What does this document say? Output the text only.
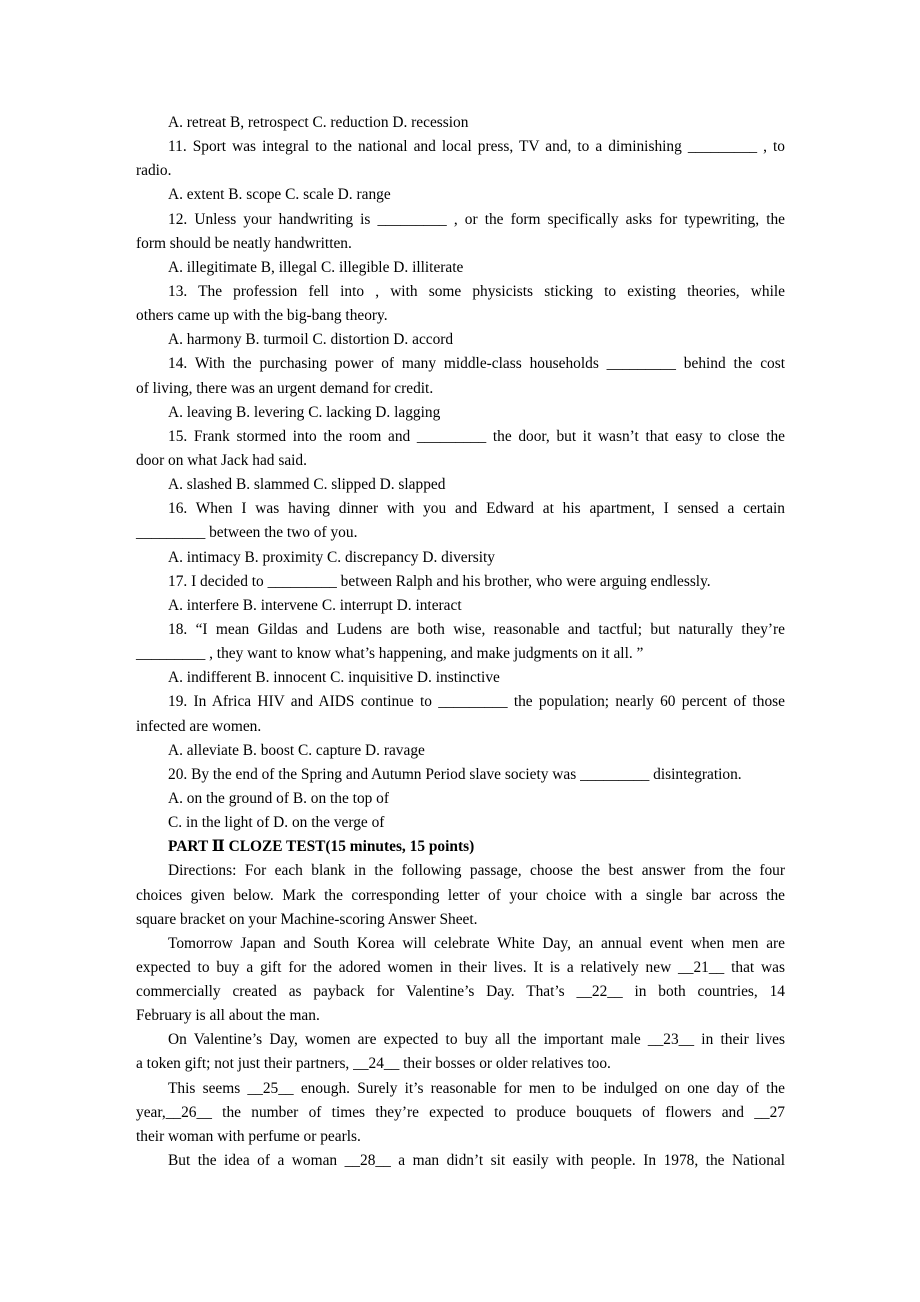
A. retreat B, retrospect C. reduction D. recession
11. Sport was integral to the national and local press, TV and, to a diminishing _________ , to
radio.
A. extent B. scope C. scale D. range
12. Unless your handwriting is _________ , or the form specifically asks for typewriting, the
form should be neatly handwritten.
A. illegitimate B, illegal C. illegible D. illiterate
13. The profession fell into , with some physicists sticking to existing theories, while
others came up with the big-bang theory.
A. harmony B. turmoil C. distortion D. accord
14. With the purchasing power of many middle-class households _________ behind the cost
of living, there was an urgent demand for credit.
A. leaving B. levering C. lacking D. lagging
15. Frank stormed into the room and _________ the door, but it wasn’t that easy to close the
door on what Jack had said.
A. slashed B. slammed C. slipped D. slapped
16. When I was having dinner with you and Edward at his apartment, I sensed a certain
_________ between the two of you.
A. intimacy B. proximity C. discrepancy D. diversity
17. I decided to _________ between Ralph and his brother, who were arguing endlessly.
A. interfere B. intervene C. interrupt D. interact
18. “I mean Gildas and Ludens are both wise, reasonable and tactful; but naturally they’re
_________ , they want to know what’s happening, and make judgments on it all. ”
A. indifferent B. innocent C. inquisitive D. instinctive
19. In Africa HIV and AIDS continue to _________ the population; nearly 60 percent of those
infected are women.
A. alleviate B. boost C. capture D. ravage
20. By the end of the Spring and Autumn Period slave society was _________ disintegration.
A. on the ground of B. on the top of
C. in the light of D. on the verge of
PART Ⅱ CLOZE TEST(15 minutes, 15 points)
Directions: For each blank in the following passage, choose the best answer from the four
choices given below. Mark the corresponding letter of your choice with a single bar across the
square bracket on your Machine-scoring Answer Sheet.
Tomorrow Japan and South Korea will celebrate White Day, an annual event when men are
expected to buy a gift for the adored women in their lives. It is a relatively new __21__ that was
commercially created as payback for Valentine’s Day. That’s __22__ in both countries, 14
February is all about the man.
On Valentine’s Day, women are expected to buy all the important male __23__ in their lives
a token gift; not just their partners, __24__ their bosses or older relatives too.
This seems __25__ enough. Surely it’s reasonable for men to be indulged on one day of the
year,__26__ the number of times they’re expected to produce bouquets of flowers and __27
their woman with perfume or pearls.
But the idea of a woman __28__ a man didn’t sit easily with people. In 1978, the National
